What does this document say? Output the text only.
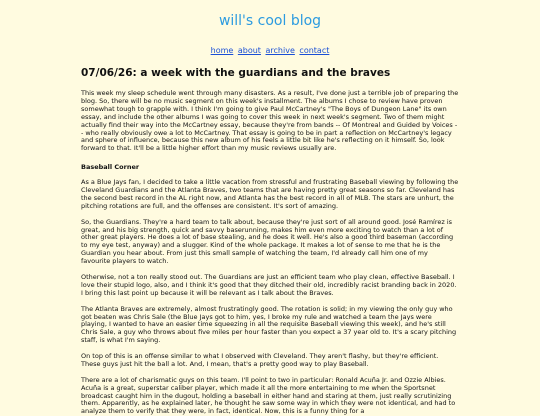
will's cool blog
home about archive contact
07/06/26: a week with the guardians and the braves

This week my sleep schedule went through many disasters. As a result, I've done just a terrible job of preparing the blog. So, there will be no music segment on this week's installment. The albums I chose to review have proven somewhat tough to grapple with. I think I'm going to give Paul McCartney's "The Boys of Dungeon Lane" its own essay, and include the other albums I was going to cover this week in next week's segment. Two of them might actually find their way into the McCartney essay, because they're from bands -- Of Montreal and Guided by Voices -- who really obviously owe a lot to McCartney. That essay is going to be in part a reflection on McCartney's legacy and sphere of influence, because this new album of his feels a little bit like he's reflecting on it himself. So, look forward to that. It'll be a little higher effort than my music reviews usually are.

Baseball Corner

As a Blue Jays fan, I decided to take a little vacation from stressful and frustrating Baseball viewing by following the Cleveland Guardians and the Atlanta Braves, two teams that are having pretty great seasons so far. Cleveland has the second best record in the AL right now, and Atlanta has the best record in all of MLB. The stars are unhurt, the pitching rotations are full, and the offenses are consistent. It's sort of amazing.

So, the Guardians. They're a hard team to talk about, because they're just sort of all around good. José Ramírez is great, and his big strength, quick and savvy baserunning, makes him even more exciting to watch than a lot of other great players. He does a lot of base stealing, and he does it well. He's also a good third baseman (according to my eye test, anyway) and a slugger. Kind of the whole package. It makes a lot of sense to me that he is the Guardian you hear about. From just this small sample of watching the team, I'd already call him one of my favourite players to watch.

Otherwise, not a ton really stood out. The Guardians are just an efficient team who play clean, effective Baseball. I love their stupid logo, also, and I think it's good that they ditched their old, incredibly racist branding back in 2020. I bring this last point up because it will be relevant as I talk about the Braves.

The Atlanta Braves are extremely, almost frustratingly good. The rotation is solid; in my viewing the only guy who got beaten was Chris Sale (the Blue Jays got to him, yes, I broke my rule and watched a team the Jays were playing, I wanted to have an easier time squeezing in all the requisite Baseball viewing this week), and he's still Chris Sale, a guy who throws about five miles per hour faster than you expect a 37 year old to. It's a scary pitching staff, is what I'm saying.

On top of this is an offense similar to what I observed with Cleveland. They aren't flashy, but they're efficient. These guys just hit the ball a lot. And, I mean, that's a pretty good way to play Baseball.

There are a lot of charismatic guys on this team. I'll point to two in particular: Ronald Acuña Jr. and Ozzie Albies. Acuña is a great, superstar caliber player, which made it all the more entertaining to me when the Sportsnet broadcast caught him in the dugout, holding a baseball in either hand and staring at them, just really scrutinizing them. Apparently, as he explained later, he thought he saw some way in which they were not identical, and had to analyze them to verify that they were, in fact, identical. Now, this is a funny thing for a
